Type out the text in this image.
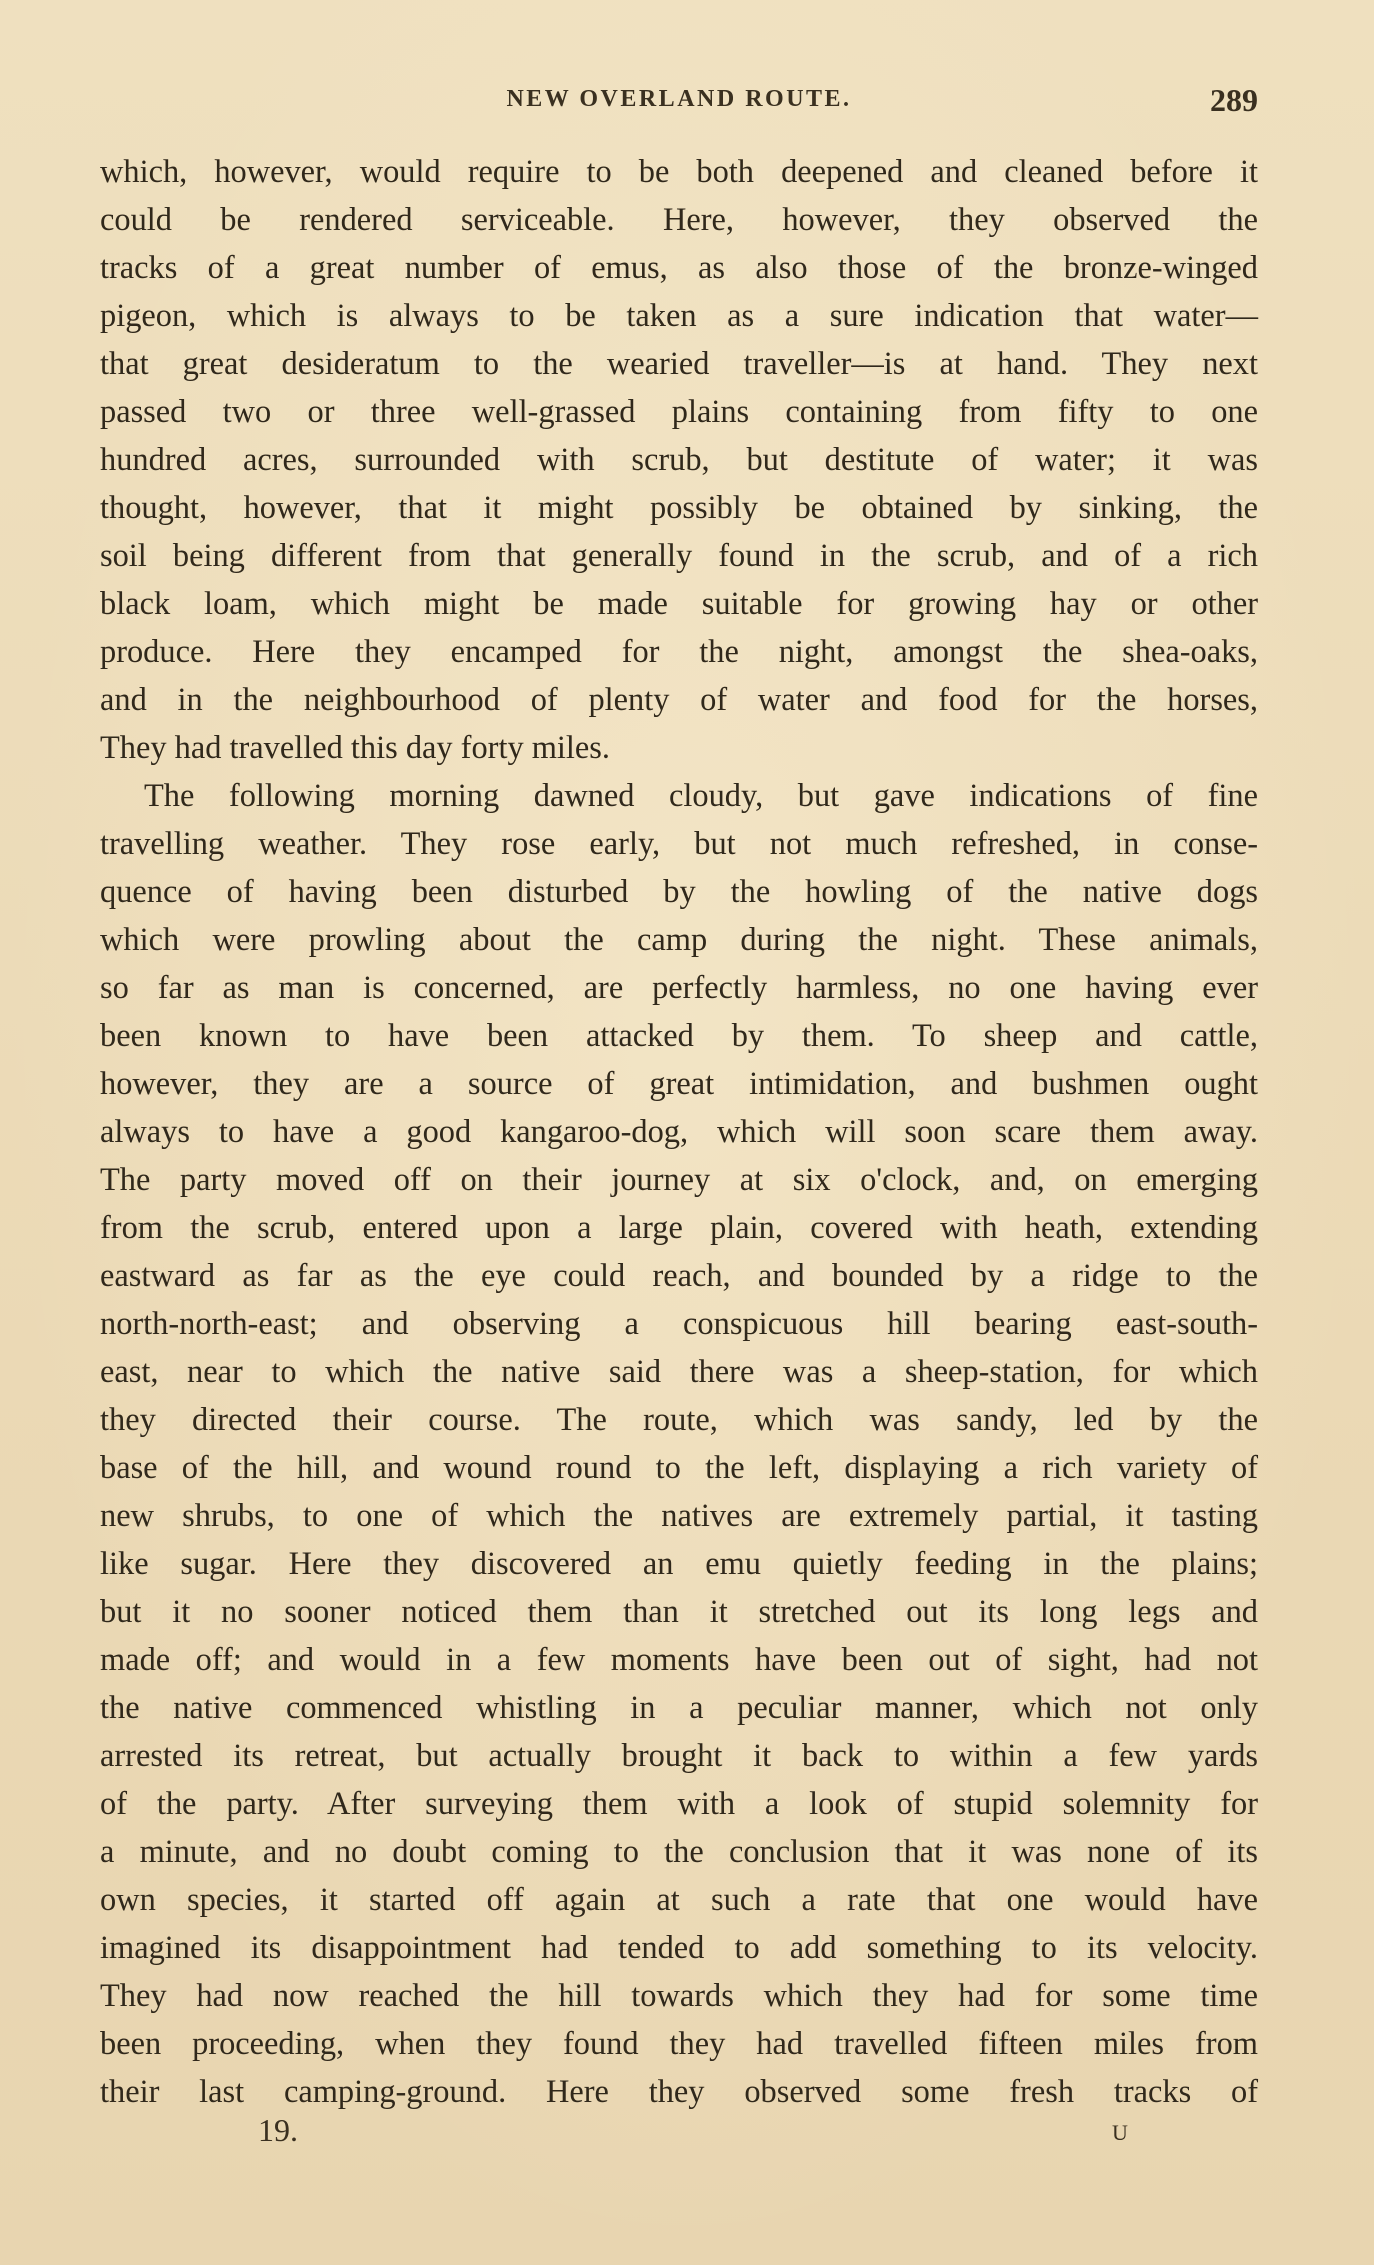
NEW OVERLAND ROUTE.	289

which, however, would require to be both deepened and cleaned before it

could be rendered serviceable. Here, however, they observed the

tracks of a great number of emus, as also those of the bronze-winged

pigeon, which is always to be taken as a sure indication that water—

that great desideratum to the wearied traveller—is at hand. They next

passed two or three well-grassed plains containing from fifty to one

hundred acres, surrounded with scrub, but destitute of water; it was

thought, however, that it might possibly be obtained by sinking, the

soil being different from that generally found in the scrub, and of a rich

black loam, which might be made suitable for growing hay or other

produce. Here they encamped for the night, amongst the shea-oaks,

and in the neighbourhood of plenty of water and food for the horses,

They had travelled this day forty miles.

The following morning dawned cloudy, but gave indications of fine

travelling weather. They rose early, but not much refreshed, in conse-

quence of having been disturbed by the howling of the native dogs

which were prowling about the camp during the night. These animals,

so far as man is concerned, are perfectly harmless, no one having ever

been known to have been attacked by them. To sheep and cattle,

however, they are a source of great intimidation, and bushmen ought

always to have a good kangaroo-dog, which will soon scare them away.

The party moved off on their journey at six o'clock, and, on emerging

from the scrub, entered upon a large plain, covered with heath, extending

eastward as far as the eye could reach, and bounded by a ridge to the

north-north-east; and observing a conspicuous hill bearing east-south-

east, near to which the native said there was a sheep-station, for which

they directed their course. The route, which was sandy, led by the

base of the hill, and wound round to the left, displaying a rich variety of

new shrubs, to one of which the natives are extremely partial, it tasting

like sugar. Here they discovered an emu quietly feeding in the plains;

but it no sooner noticed them than it stretched out its long legs and

made off; and would in a few moments have been out of sight, had not

the native commenced whistling in a peculiar manner, which not only

arrested its retreat, but actually brought it back to within a few yards

of the party. After surveying them with a look of stupid solemnity for

a minute, and no doubt coming to the conclusion that it was none of its

own species, it started off again at such a rate that one would have

imagined its disappointment had tended to add something to its velocity.

They had now reached the hill towards which they had for some time

been proceeding, when they found they had travelled fifteen miles from

their last camping-ground. Here they observed some fresh tracks of

19.	U
